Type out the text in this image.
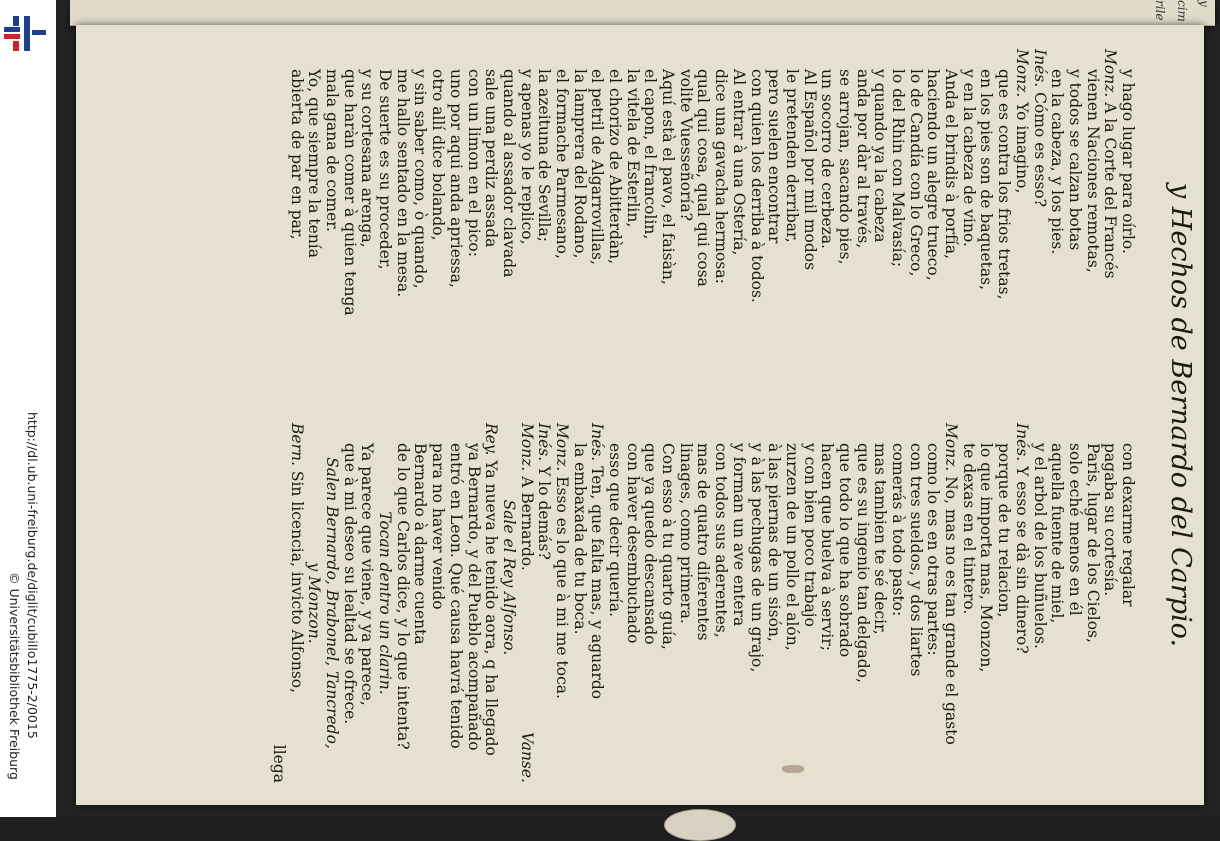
http://dl.ub.uni-freiburg.de/diglit/cubillo1775-2/0015
© Universitätsbibliothek Freiburg
y
cim
rile
y Hechos de Bernardo del Carpio.
y hago lugar para oírlo.
Monz. A la Corte del Francés
vienen Naciones remotas,
y todos se calzan botas
en la cabeza, y los pies.
Inés. Cómo es esso?
Monz. Yo imagino,
que es contra los frios tretas,
en los pies son de baquetas,
y en la cabeza de vino.
Anda el brindis à porfía,
haciendo un alegre trueco,
lo de Candía con lo Greco,
lo del Rhin con Malvasía;
y quando ya la cabeza
anda por dàr al través,
se arrojan, sacando pies,
un socorro de cerbeza.
Al Español por mil modos
le pretenden derribar,
pero suelen encontrar
con quien los derriba à todos.
Al entrar à una Ostería,
dice una gavacha hermosa:
qual qui cosa, qual qui cosa
volite Vuesseñoría?
Aquí està el pavo, el faisàn,
el capon, el francolin,
la vitela de Esterlin,
el chorizo de Abitterdàn,
el petril de Algarrovillas,
la lamprera del Rodano,
el formache Parmesano,
la azeituna de Sevilla;
y apenas yo le replico,
quando al assador clavada
sale una perdiz assada
con un limon en el pico:
uno por aqui anda apriessa,
otro allí dice bolando,
y sin saber como, ò quando,
me hallo sentado en la mesa.
De suerte es su proceder,
y su cortesana arenga,
que haràn comer à quien tenga
mala gana de comer.
Yo, que siempre la tenía
abierta de par en par,
con dexarme regalar
pagaba su cortesía.
Paris, lugar de los Cielos,
solo eché menos en él
aquella fuente de miel,
y el arbol de los buñuelos.
Inés. Y esso se dà sin dinero?
porque de tu relacion,
lo que importa mas, Monzon,
te dexas en el tintero.
Monz. No, mas no es tan grande el gasto
como lo es en otras partes:
con tres sueldos, y dos liartes
comerás à todo pasto:
mas tambien te sé decir,
que es su ingenio tan delgado,
que todo lo que ha sobrado
hacen que buelva à servir;
y con bien poco trabajo
zurzen de un pollo el alón,
à las piernas de un sisón,
y à las pechugas de un grajo,
y forman un ave entera
con todos sus aderentes,
mas de quatro diferentes
linages, como primera.
Con esso à tu quarto guía,
que ya quedo descansado
con haver desembuchado
esso que decir quería.
Inés. Ten, que falta mas, y aguardo
la embaxada de tu boca.
Monz. Esso es lo que à mi me toca.
Inés. Y lo demás?
Monz. A Bernardo.
Vanse.
Sale el Rey Alfonso.
Rey. Ya nueva he tenido aora, q ha llegado
ya Bernardo, y del Pueblo acompañado
entró en Leon. Qué causa havrá tenido
para no haver venido
Bernardo à darme cuenta
de lo que Carlos dice, y lo que intenta?
Tocan dentro un clarin.
Ya parece que viene, y ya parece,
que à mi deseo su lealtad se ofrece.
Salen Bernardo, Brabonel, Tancredo,
y Monzon.
Bern. Sin licencia, invicto Alfonso,
llega
